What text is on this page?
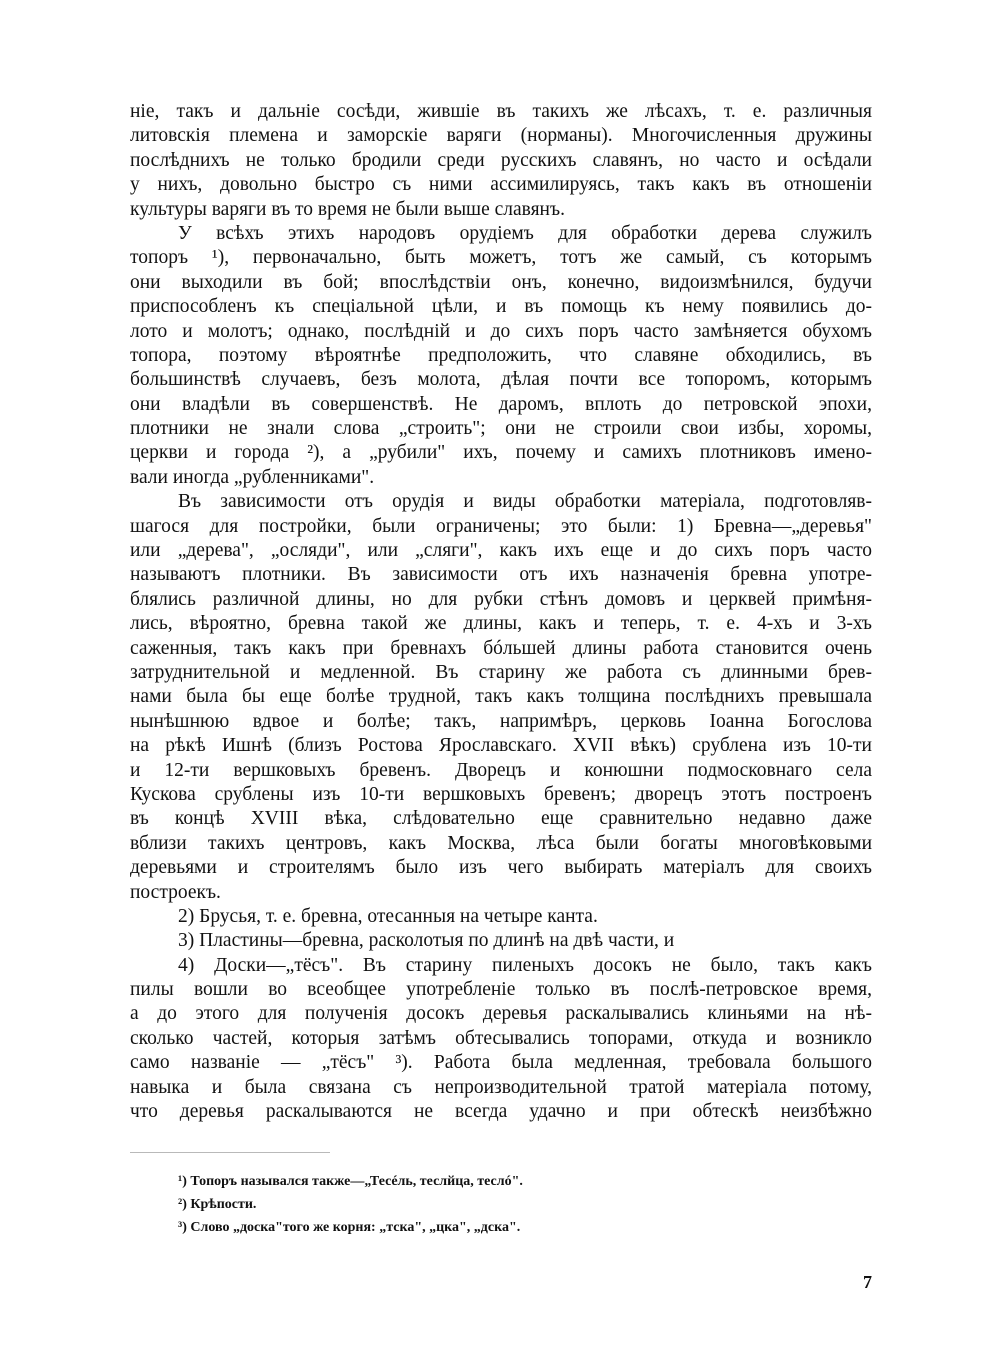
ніе, такъ и дальніе сосѣди, жившіе въ такихъ же лѣсахъ, т. е. различныя
литовскія племена и заморскіе варяги (норманы). Многочисленныя дружины
послѣднихъ не только бродили среди русскихъ славянъ, но часто и осѣдали
у нихъ, довольно быстро съ ними ассимилируясь, такъ какъ въ отношеніи
культуры варяги въ то время не были выше славянъ.
У всѣхъ этихъ народовъ орудіемъ для обработки дерева служилъ
топоръ ¹), первоначально, быть можетъ, тотъ же самый, съ которымъ
они выходили въ бой; впослѣдствіи онъ, конечно, видоизмѣнился, будучи
приспособленъ къ спеціальной цѣли, и въ помощь къ нему появились до-
лото и молотъ; однако, послѣдній и до сихъ поръ часто замѣняется обухомъ
топора, поэтому вѣроятнѣе предположить, что славяне обходились, въ
большинствѣ случаевъ, безъ молота, дѣлая почти все топоромъ, которымъ
они владѣли въ совершенствѣ. Не даромъ, вплоть до петровской эпохи,
плотники не знали слова „строить"; они не строили свои избы, хоромы,
церкви и города ²), а „рубили" ихъ, почему и самихъ плотниковъ имено-
вали иногда „рубленниками".
Въ зависимости отъ орудія и виды обработки матеріала, подготовляв-
шагося для постройки, были ограничены; это были: 1) Бревна—„деревья"
или „дерева", „осляди", или „сляги", какъ ихъ еще и до сихъ поръ часто
называютъ плотники. Въ зависимости отъ ихъ назначенія бревна употре-
блялись различной длины, но для рубки стѣнъ домовъ и церквей примѣня-
лись, вѣроятно, бревна такой же длины, какъ и теперь, т. е. 4-хъ и 3-хъ
саженныя, такъ какъ при бревнахъ бóльшей длины работа становится очень
затруднительной и медленной. Въ старину же работа съ длинными брев-
нами была бы еще болѣе трудной, такъ какъ толщина послѣднихъ превышала
нынѣшнюю вдвое и болѣе; такъ, напримѣръ, церковь Іоанна Богослова
на рѣкѣ Ишнѣ (близъ Ростова Ярославскаго. XVII вѣкъ) срублена изъ 10-ти
и 12-ти вершковыхъ бревенъ. Дворецъ и конюшни подмосковнаго села
Кускова срублены изъ 10-ти вершковыхъ бревенъ; дворецъ этотъ построенъ
въ концѣ XVIII вѣка, слѣдовательно еще сравнительно недавно даже
вблизи такихъ центровъ, какъ Москва, лѣса были богаты многовѣковыми
деревьями и строителямъ было изъ чего выбирать матеріалъ для своихъ
построекъ.
2) Брусья, т. е. бревна, отесанныя на четыре канта.
3) Пластины—бревна, расколотыя по длинѣ на двѣ части, и
4) Доски—„тёсъ". Въ старину пиленыхъ досокъ не было, такъ какъ
пилы вошли во всеобщее употребленіе только въ послѣ-петровское время,
а до этого для полученія досокъ деревья раскалывались клиньями на нѣ-
сколько частей, которыя затѣмъ обтесывались топорами, откуда и возникло
само названіе — „тёсъ" ³). Работа была медленная, требовала большого
навыка и была связана съ непроизводительной тратой матеріала потому,
что деревья раскалываются не всегда удачно и при обтескѣ неизбѣжно
¹) Топоръ назывался также—„Тесéль, теслйца, теслó".
²) Крѣпости.
³) Слово „доска"того же корня: „тска", „цка", „дска".
7
